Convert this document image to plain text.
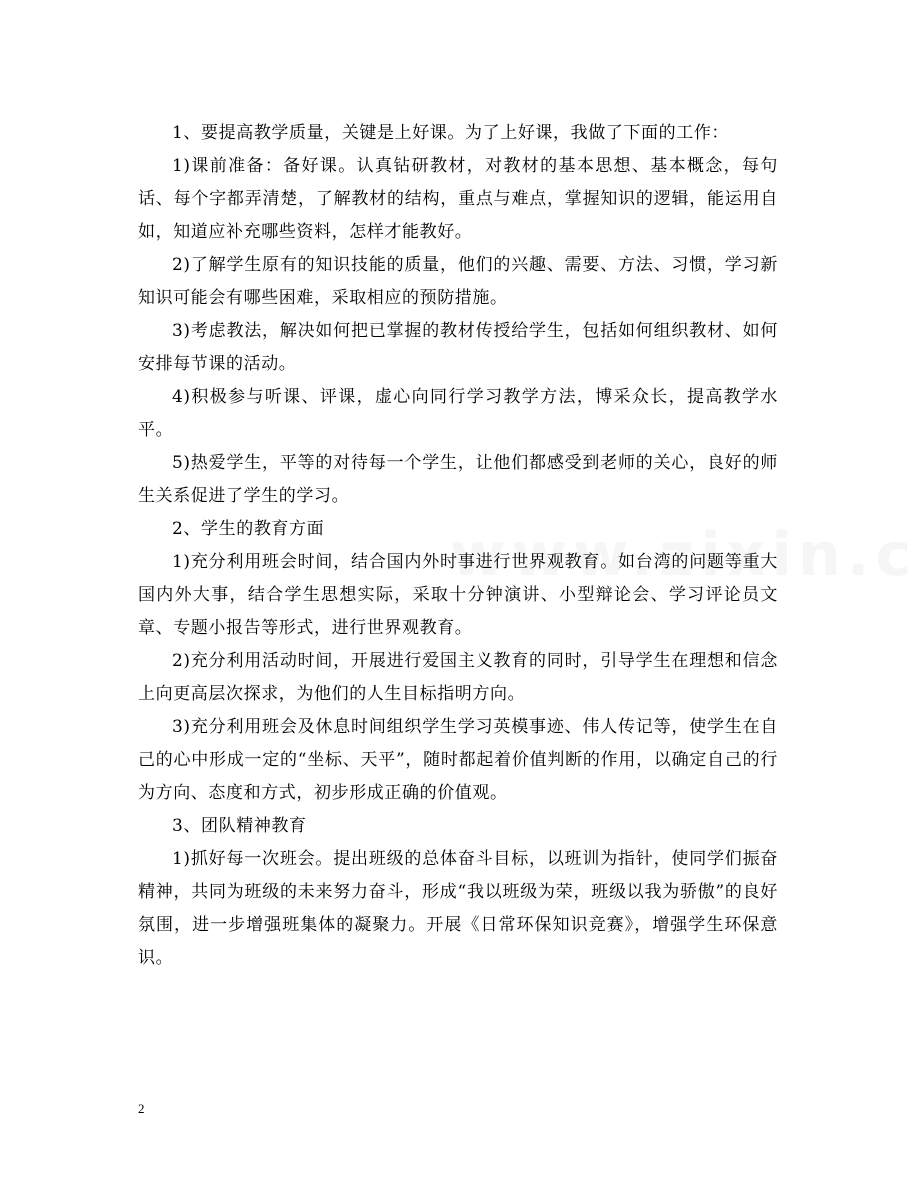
1、要提高教学质量，关键是上好课。为了上好课，我做了下面的工作：

1)课前准备：备好课。认真钻研教材，对教材的基本思想、基本概念，每句话、每个字都弄清楚，了解教材的结构，重点与难点，掌握知识的逻辑，能运用自如，知道应补充哪些资料，怎样才能教好。

2)了解学生原有的知识技能的质量，他们的兴趣、需要、方法、习惯，学习新知识可能会有哪些困难，采取相应的预防措施。

3)考虑教法，解决如何把已掌握的教材传授给学生，包括如何组织教材、如何安排每节课的活动。

4)积极参与听课、评课，虚心向同行学习教学方法，博采众长，提高教学水平。

5)热爱学生，平等的对待每一个学生，让他们都感受到老师的关心，良好的师生关系促进了学生的学习。

2、学生的教育方面

1)充分利用班会时间，结合国内外时事进行世界观教育。如台湾的问题等重大国内外大事，结合学生思想实际，采取十分钟演讲、小型辩论会、学习评论员文章、专题小报告等形式，进行世界观教育。

2)充分利用活动时间，开展进行爱国主义教育的同时，引导学生在理想和信念上向更高层次探求，为他们的人生目标指明方向。

3)充分利用班会及休息时间组织学生学习英模事迹、伟人传记等，使学生在自己的心中形成一定的“坐标、天平”，随时都起着价值判断的作用，以确定自己的行为方向、态度和方式，初步形成正确的价值观。

3、团队精神教育

1)抓好每一次班会。提出班级的总体奋斗目标，以班训为指针，使同学们振奋精神，共同为班级的未来努力奋斗，形成“我以班级为荣，班级以我为骄傲”的良好氛围，进一步增强班集体的凝聚力。开展《日常环保知识竞赛》，增强学生环保意识。

2
